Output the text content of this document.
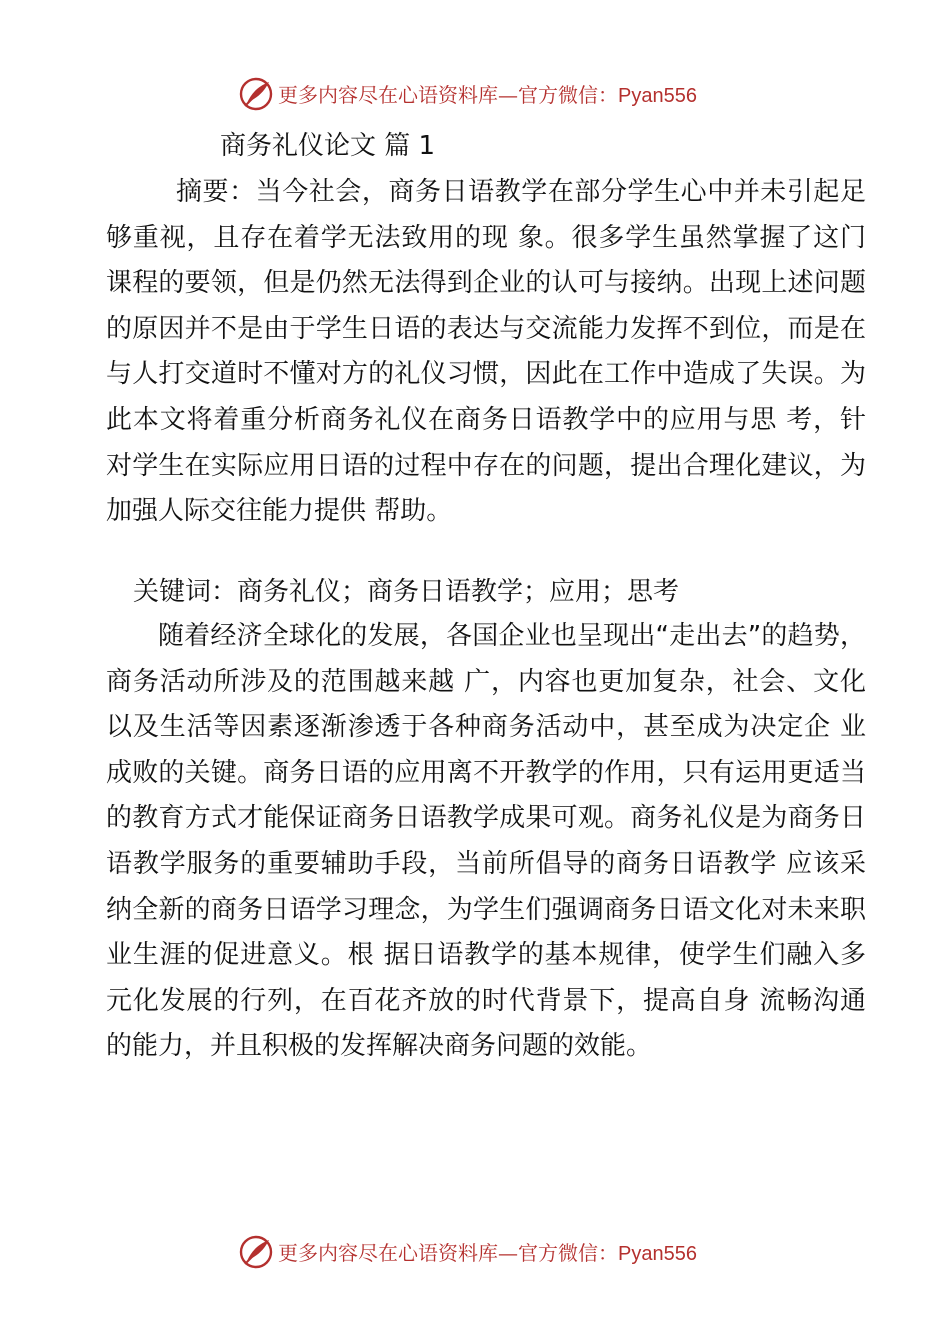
更多内容尽在心语资料库—官方微信：Pyan556
商务礼仪论文 篇 1
摘要：当今社会，商务日语教学在部分学生心中并未引起足够重视，且存在着学无法致用的现 象。很多学生虽然掌握了这门课程的要领，但是仍然无法得到企业的认可与接纳。出现上述问题 的原因并不是由于学生日语的表达与交流能力发挥不到位，而是在与人打交道时不懂对方的礼仪习惯，因此在工作中造成了失误。为此本文将着重分析商务礼仪在商务日语教学中的应用与思 考，针对学生在实际应用日语的过程中存在的问题，提出合理化建议，为加强人际交往能力提供 帮助。
关键词：商务礼仪；商务日语教学；应用；思考
随着经济全球化的发展，各国企业也呈现出“走出去”的趋势，商务活动所涉及的范围越来越 广，内容也更加复杂，社会、文化以及生活等因素逐渐渗透于各种商务活动中，甚至成为决定企 业成败的关键。商务日语的应用离不开教学的作用，只有运用更适当的教育方式才能保证商务日语教学成果可观。商务礼仪是为商务日语教学服务的重要辅助手段，当前所倡导的商务日语教学 应该采纳全新的商务日语学习理念，为学生们强调商务日语文化对未来职业生涯的促进意义。根 据日语教学的基本规律，使学生们融入多元化发展的行列，在百花齐放的时代背景下，提高自身 流畅沟通的能力，并且积极的发挥解决商务问题的效能。
更多内容尽在心语资料库—官方微信：Pyan556
